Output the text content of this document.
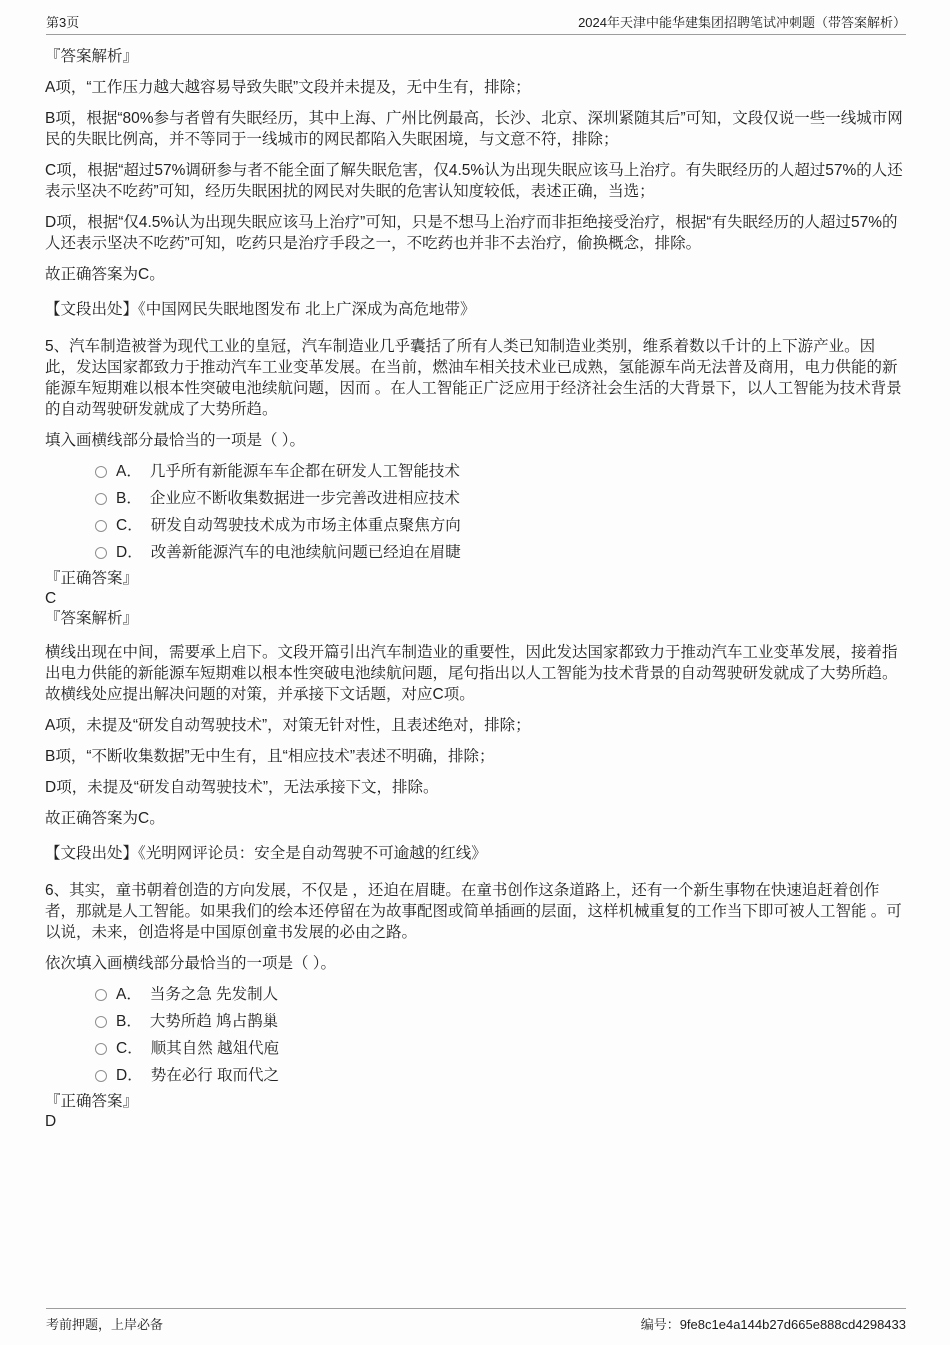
第3页	2024年天津中能华建集团招聘笔试冲刺题（带答案解析）

『答案解析』

A项，“工作压力越大越容易导致失眠”文段并未提及，无中生有，排除；

B项，根据“80%参与者曾有失眠经历，其中上海、广州比例最高，长沙、北京、深圳紧随其后”可知，文段仅说一些一线城市网民的失眠比例高，并不等同于一线城市的网民都陷入失眠困境，与文意不符，排除；

C项，根据“超过57%调研参与者不能全面了解失眠危害，仅4.5%认为出现失眠应该马上治疗。有失眠经历的人超过57%的人还表示坚决不吃药”可知，经历失眠困扰的网民对失眠的危害认知度较低，表述正确，当选；

D项，根据“仅4.5%认为出现失眠应该马上治疗”可知，只是不想马上治疗而非拒绝接受治疗，根据“有失眠经历的人超过57%的人还表示坚决不吃药”可知，吃药只是治疗手段之一，不吃药也并非不去治疗，偷换概念，排除。

故正确答案为C。

【文段出处】《中国网民失眠地图发布 北上广深成为高危地带》

5、汽车制造被誉为现代工业的皇冠，汽车制造业几乎囊括了所有人类已知制造业类别，维系着数以千计的上下游产业。因此，发达国家都致力于推动汽车工业变革发展。在当前，燃油车相关技术业已成熟，氢能源车尚无法普及商用，电力供能的新能源车短期难以根本性突破电池续航问题，因而 。在人工智能正广泛应用于经济社会生活的大背景下，以人工智能为技术背景的自动驾驶研发就成了大势所趋。

填入画横线部分最恰当的一项是（ ）。

A． 几乎所有新能源车车企都在研发人工智能技术
B． 企业应不断收集数据进一步完善改进相应技术
C． 研发自动驾驶技术成为市场主体重点聚焦方向
D． 改善新能源汽车的电池续航问题已经迫在眉睫

『正确答案』

C

『答案解析』

横线出现在中间，需要承上启下。文段开篇引出汽车制造业的重要性，因此发达国家都致力于推动汽车工业变革发展，接着指出电力供能的新能源车短期难以根本性突破电池续航问题，尾句指出以人工智能为技术背景的自动驾驶研发就成了大势所趋。故横线处应提出解决问题的对策，并承接下文话题，对应C项。

A项，未提及“研发自动驾驶技术”，对策无针对性，且表述绝对，排除；

B项，“不断收集数据”无中生有，且“相应技术”表述不明确，排除；

D项，未提及“研发自动驾驶技术”，无法承接下文，排除。

故正确答案为C。

【文段出处】《光明网评论员：安全是自动驾驶不可逾越的红线》

6、其实，童书朝着创造的方向发展，不仅是 ，还迫在眉睫。在童书创作这条道路上，还有一个新生事物在快速追赶着创作者，那就是人工智能。如果我们的绘本还停留在为故事配图或简单插画的层面，这样机械重复的工作当下即可被人工智能 。可以说，未来，创造将是中国原创童书发展的必由之路。

依次填入画横线部分最恰当的一项是（ ）。

A． 当务之急 先发制人
B． 大势所趋 鸠占鹊巢
C． 顺其自然 越俎代庖
D． 势在必行 取而代之

『正确答案』

D

考前押题，上岸必备	编号：9fe8c1e4a144b27d665e888cd4298433
